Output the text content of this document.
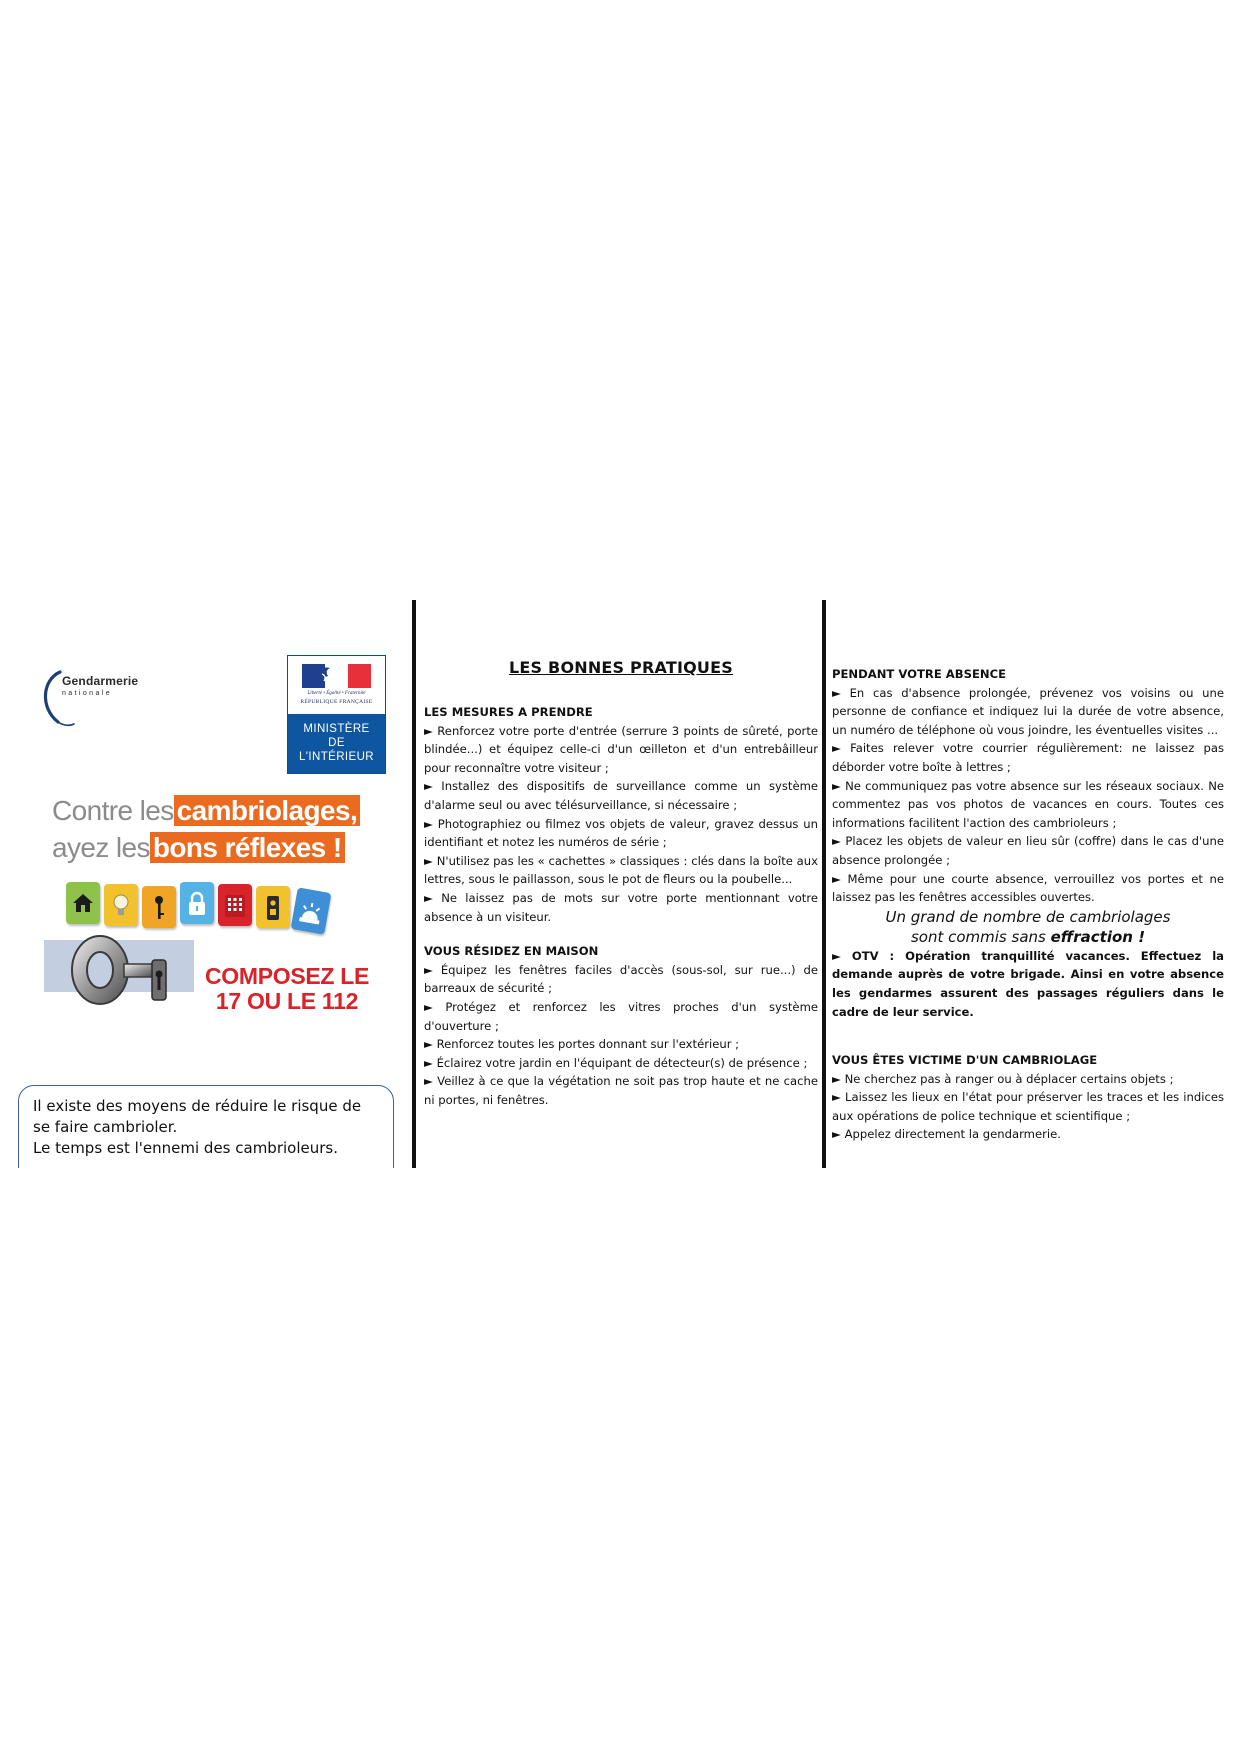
Gendarmerie
nationale	Liberté • Égalité • Fraternité
RÉPUBLIQUE FRANÇAISE
MINISTÈRE
DE
L'INTÉRIEUR
Contre les cambriolages,
ayez les bons réflexes !
COMPOSEZ LE
17 OU LE 112

Il existe des moyens de réduire le risque de se faire cambrioler.

Le temps est l'ennemi des cambrioleurs.

LES BONNES PRATIQUES

LES MESURES A PRENDRE

► Renforcez votre porte d'entrée (serrure 3 points de sûreté, porte blindée...) et équipez celle-ci d'un œilleton et d'un entrebâilleur pour reconnaître votre visiteur ;

► Installez des dispositifs de surveillance comme un système d'alarme seul ou avec télésurveillance, si nécessaire ;

► Photographiez ou filmez vos objets de valeur, gravez dessus un identifiant et notez les numéros de série ;

► N'utilisez pas les « cachettes » classiques : clés dans la boîte aux lettres, sous le paillasson, sous le pot de fleurs ou la poubelle...

► Ne laissez pas de mots sur votre porte mentionnant votre absence à un visiteur.

VOUS RÉSIDEZ EN MAISON

► Équipez les fenêtres faciles d'accès (sous-sol, sur rue...) de barreaux de sécurité ;

► Protégez et renforcez les vitres proches d'un système d'ouverture ;

► Renforcez toutes les portes donnant sur l'extérieur ;

► Éclairez votre jardin en l'équipant de détecteur(s) de présence ;

► Veillez à ce que la végétation ne soit pas trop haute et ne cache ni portes, ni fenêtres.

PENDANT VOTRE ABSENCE

► En cas d'absence prolongée, prévenez vos voisins ou une personne de confiance et indiquez lui la durée de votre absence, un numéro de téléphone où vous joindre, les éventuelles visites ...

► Faites relever votre courrier régulièrement: ne laissez pas déborder votre boîte à lettres ;

► Ne communiquez pas votre absence sur les réseaux sociaux. Ne commentez pas vos photos de vacances en cours. Toutes ces informations facilitent l'action des cambrioleurs ;

► Placez les objets de valeur en lieu sûr (coffre) dans le cas d'une absence prolongée ;

► Même pour une courte absence, verrouillez vos portes et ne laissez pas les fenêtres accessibles ouvertes.

Un grand de nombre de cambriolages
sont commis sans effraction !

► OTV : Opération tranquillité vacances. Effectuez la demande auprès de votre brigade. Ainsi en votre absence les gendarmes assurent des passages réguliers dans le cadre de leur service.

VOUS ÊTES VICTIME D'UN CAMBRIOLAGE

► Ne cherchez pas à ranger ou à déplacer certains objets ;

► Laissez les lieux en l'état pour préserver les traces et les indices aux opérations de police technique et scientifique ;

► Appelez directement la gendarmerie.
